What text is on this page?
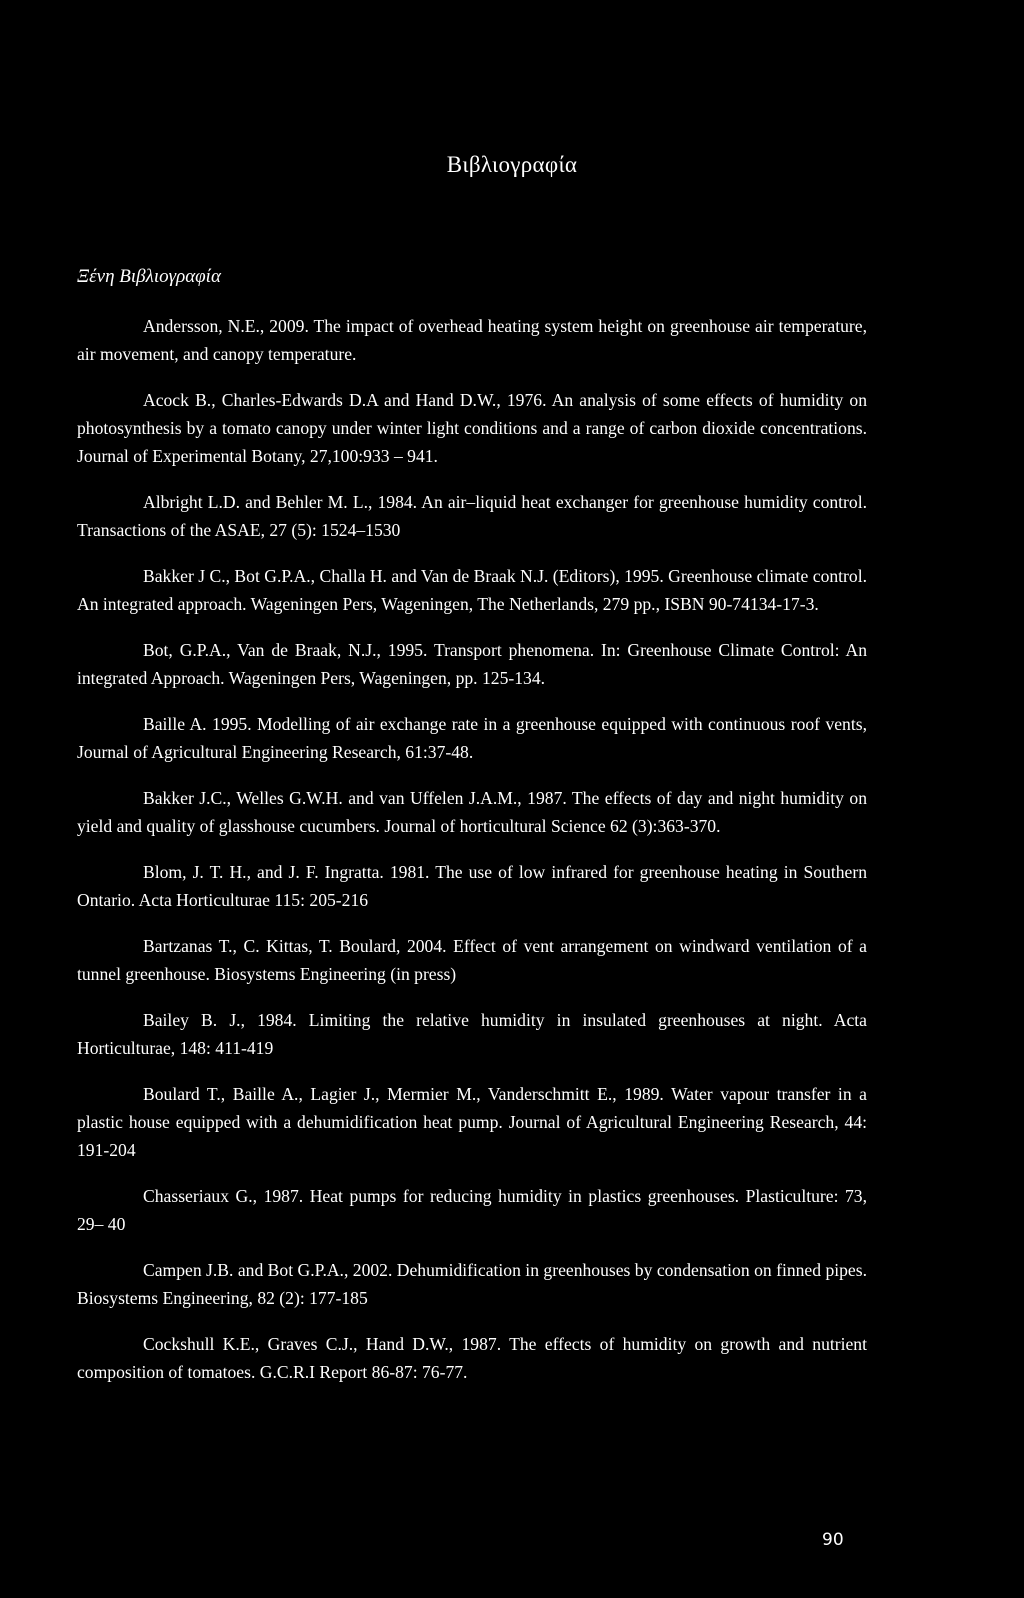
Βιβλιογραφία
Ξένη Βιβλιογραφία

Andersson, N.E., 2009. The impact of overhead heating system height on greenhouse air temperature, air movement, and canopy temperature.

Acock B., Charles-Edwards D.A and Hand D.W., 1976. An analysis of some effects of humidity on photosynthesis by a tomato canopy under winter light conditions and a range of carbon dioxide concentrations. Journal of Experimental Botany, 27,100:933 – 941.

Albright L.D. and Behler M. L., 1984. An air–liquid heat exchanger for greenhouse humidity control. Transactions of the ASAE, 27 (5): 1524–1530

Bakker J C., Bot G.P.A., Challa H. and Van de Braak N.J. (Editors), 1995. Greenhouse climate control. An integrated approach. Wageningen Pers, Wageningen, The Netherlands, 279 pp., ISBN 90-74134-17-3.

Bot, G.P.A., Van de Braak, N.J., 1995. Transport phenomena. In: Greenhouse Climate Control: An integrated Approach. Wageningen Pers, Wageningen, pp. 125-134.

Baille A. 1995. Modelling of air exchange rate in a greenhouse equipped with continuous roof vents, Journal of Agricultural Engineering Research, 61:37-48.

Bakker J.C., Welles G.W.H. and van Uffelen J.A.M., 1987. The effects of day and night humidity on yield and quality of glasshouse cucumbers. Journal of horticultural Science 62 (3):363-370.

Blom, J. T. H., and J. F. Ingratta. 1981. The use of low infrared for greenhouse heating in Southern Ontario. Acta Horticulturae 115: 205-216

Bartzanas T., C. Kittas, T. Boulard, 2004. Effect of vent arrangement on windward ventilation of a tunnel greenhouse. Biosystems Engineering (in press)

Bailey B. J., 1984. Limiting the relative humidity in insulated greenhouses at night. Acta Horticulturae, 148: 411-419

Boulard T., Baille A., Lagier J., Mermier M., Vanderschmitt E., 1989. Water vapour transfer in a plastic house equipped with a dehumidification heat pump. Journal of Agricultural Engineering Research, 44: 191-204

Chasseriaux G., 1987. Heat pumps for reducing humidity in plastics greenhouses. Plasticulture: 73, 29– 40

Campen J.B. and Bot G.P.A., 2002. Dehumidification in greenhouses by condensation on finned pipes. Biosystems Engineering, 82 (2): 177-185

Cockshull K.E., Graves C.J., Hand D.W., 1987. The effects of humidity on growth and nutrient composition of tomatoes. G.C.R.I Report 86-87: 76-77.

90
